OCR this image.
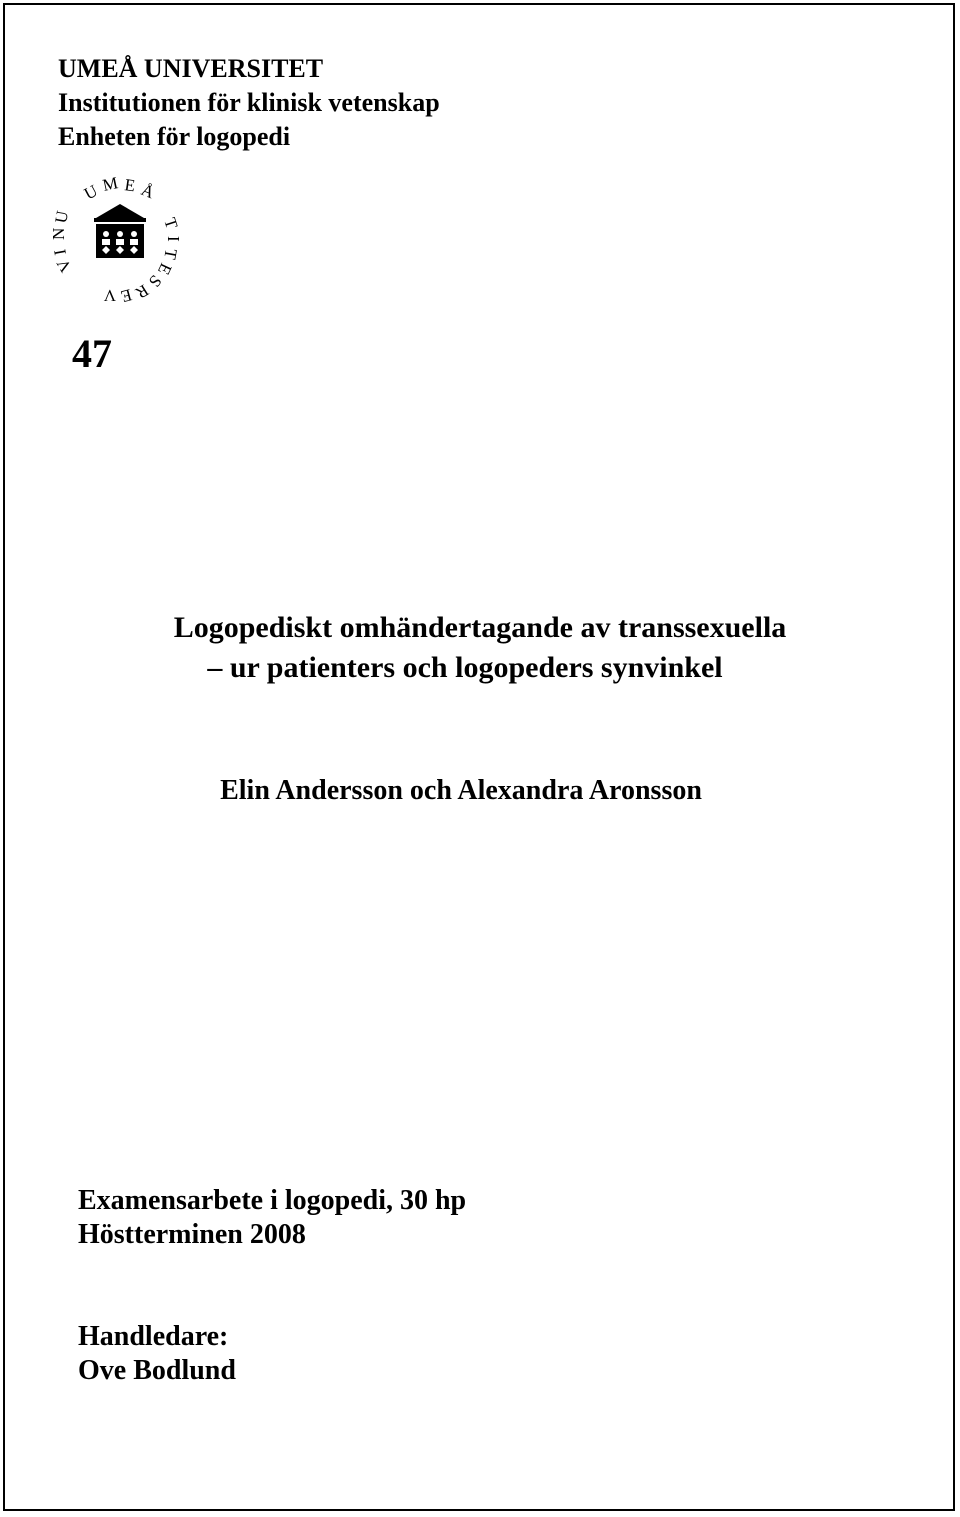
UMEÅ UNIVERSITET
Institutionen för klinisk vetenskap
Enheten för logopedi
U M E Å
T
I
T
E
S
R
E
V
U
N
I
V
47
Logopediskt omhändertagande av transsexuella
– ur patienters och logopeders synvinkel
Elin Andersson och Alexandra Aronsson
Examensarbete i logopedi, 30 hp
Höstterminen 2008
Handledare:
Ove Bodlund
